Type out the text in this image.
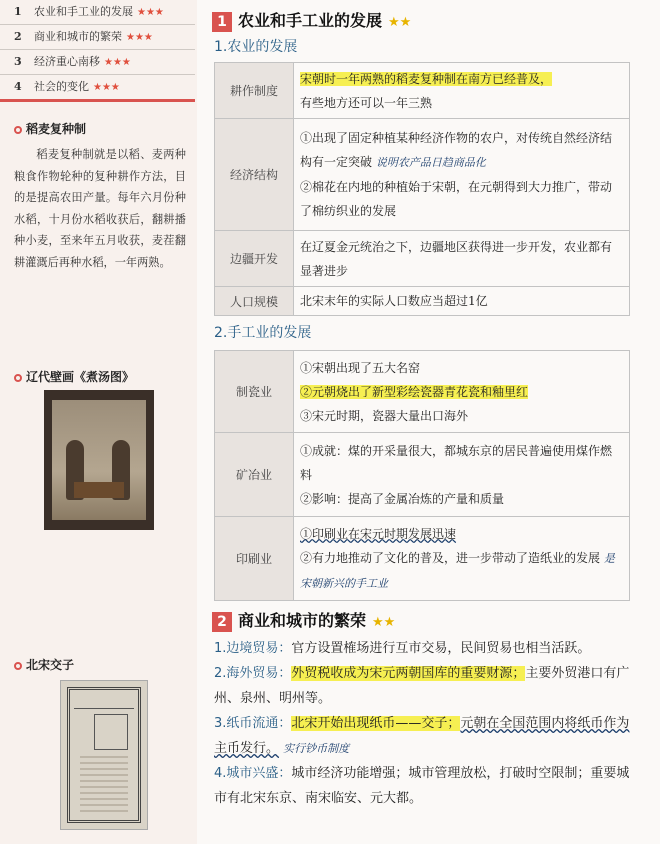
1 农业和手工业的发展 ★★★
2 商业和城市的繁荣 ★★★
3 经济重心南移 ★★★
4 社会的变化 ★★★
稻麦复种制
稻麦复种制就是以稻、麦两种粮食作物轮种的复种耕作方法，目的是提高农田产量。每年六月份种水稻，十月份水稻收获后，翻耕播种小麦，至来年五月收获，麦茬翻耕灌溉后再种水稻，一年两熟。
辽代壁画《煮汤图》
北宋交子
1 农业和手工业的发展 ★★
1.农业的发展
耕作制度	宋朝时一年两熟的稻麦复种制在南方已经普及，
有些地方还可以一年三熟
经济结构	①出现了固定种植某种经济作物的农户，对传统自然经济结构有一定突破 说明农产品日趋商品化
②棉花在内地的种植始于宋朝，在元朝得到大力推广，带动了棉纺织业的发展
边疆开发	在辽夏金元统治之下，边疆地区获得进一步开发，农业都有显著进步
人口规模	北宋末年的实际人口数应当超过1亿
2.手工业的发展
制瓷业	①宋朝出现了五大名窑
②元朝烧出了新型彩绘瓷器青花瓷和釉里红
③宋元时期，瓷器大量出口海外
矿冶业	①成就：煤的开采量很大，都城东京的居民普遍使用煤作燃料
②影响：提高了金属冶炼的产量和质量
印刷业	①印刷业在宋元时期发展迅速
②有力地推动了文化的普及，进一步带动了造纸业的发展 是宋朝新兴的手工业
2 商业和城市的繁荣 ★★

1.边境贸易：官方设置榷场进行互市交易，民间贸易也相当活跃。

2.海外贸易：外贸税收成为宋元两朝国库的重要财源；主要外贸港口有广州、泉州、明州等。

3.纸币流通：北宋开始出现纸币——交子；元朝在全国范围内将纸币作为主币发行。 实行钞币制度

4.城市兴盛：城市经济功能增强；城市管理放松，打破时空限制；重要城市有北宋东京、南宋临安、元大都。
